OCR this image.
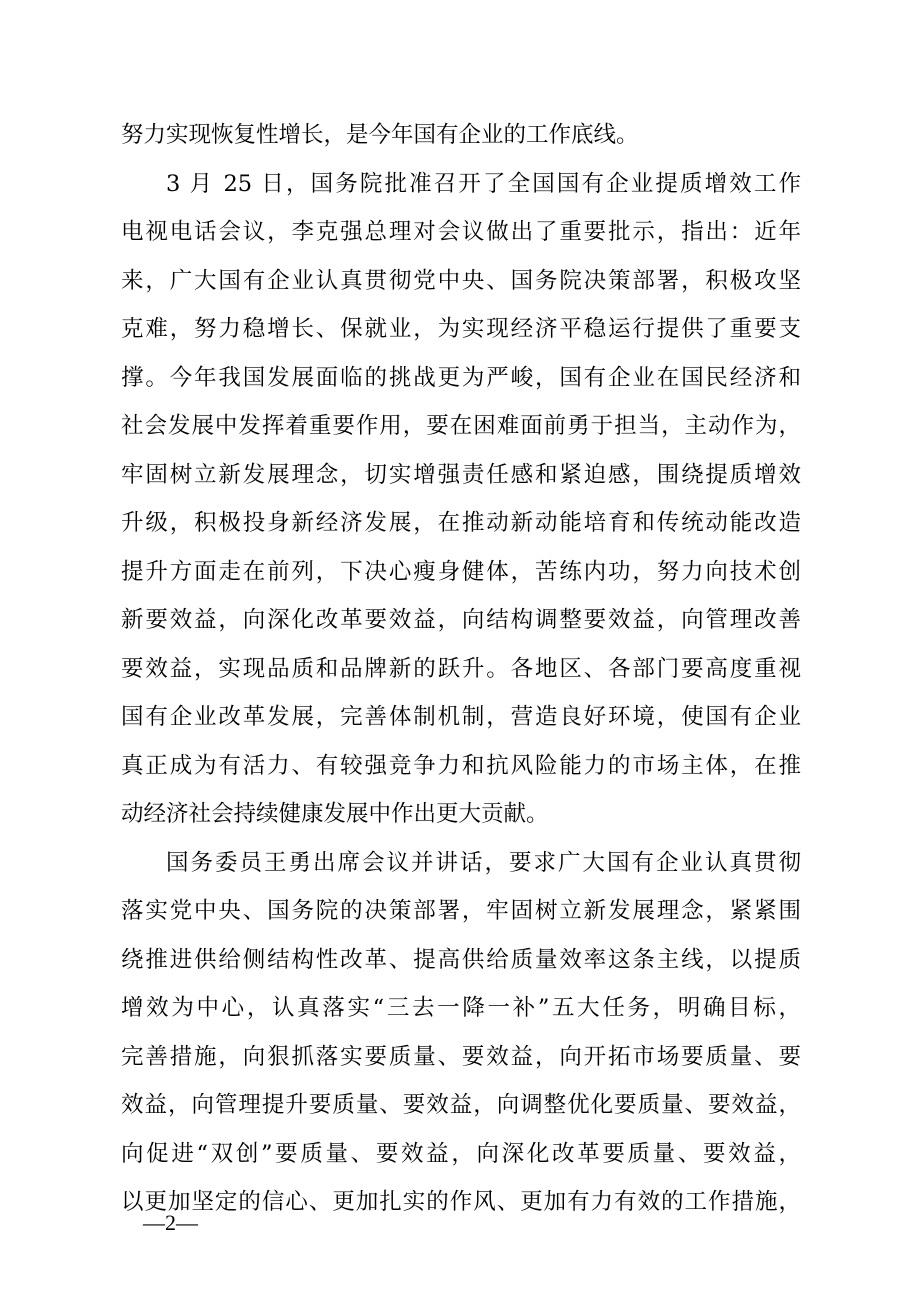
努力实现恢复性增长，是今年国有企业的工作底线。
3 月 25 日，国务院批准召开了全国国有企业提质增效工作
电视电话会议，李克强总理对会议做出了重要批示，指出：近年
来，广大国有企业认真贯彻党中央、国务院决策部署，积极攻坚
克难，努力稳增长、保就业，为实现经济平稳运行提供了重要支
撑。今年我国发展面临的挑战更为严峻，国有企业在国民经济和
社会发展中发挥着重要作用，要在困难面前勇于担当，主动作为，
牢固树立新发展理念，切实增强责任感和紧迫感，围绕提质增效
升级，积极投身新经济发展，在推动新动能培育和传统动能改造
提升方面走在前列，下决心瘦身健体，苦练内功，努力向技术创
新要效益，向深化改革要效益，向结构调整要效益，向管理改善
要效益，实现品质和品牌新的跃升。各地区、各部门要高度重视
国有企业改革发展，完善体制机制，营造良好环境，使国有企业
真正成为有活力、有较强竞争力和抗风险能力的市场主体，在推
动经济社会持续健康发展中作出更大贡献。
国务委员王勇出席会议并讲话，要求广大国有企业认真贯彻
落实党中央、国务院的决策部署，牢固树立新发展理念，紧紧围
绕推进供给侧结构性改革、提高供给质量效率这条主线，以提质
增效为中心，认真落实“三去一降一补”五大任务，明确目标，
完善措施，向狠抓落实要质量、要效益，向开拓市场要质量、要
效益，向管理提升要质量、要效益，向调整优化要质量、要效益，
向促进“双创”要质量、要效益，向深化改革要质量、要效益，
以更加坚定的信心、更加扎实的作风、更加有力有效的工作措施，
—2—
